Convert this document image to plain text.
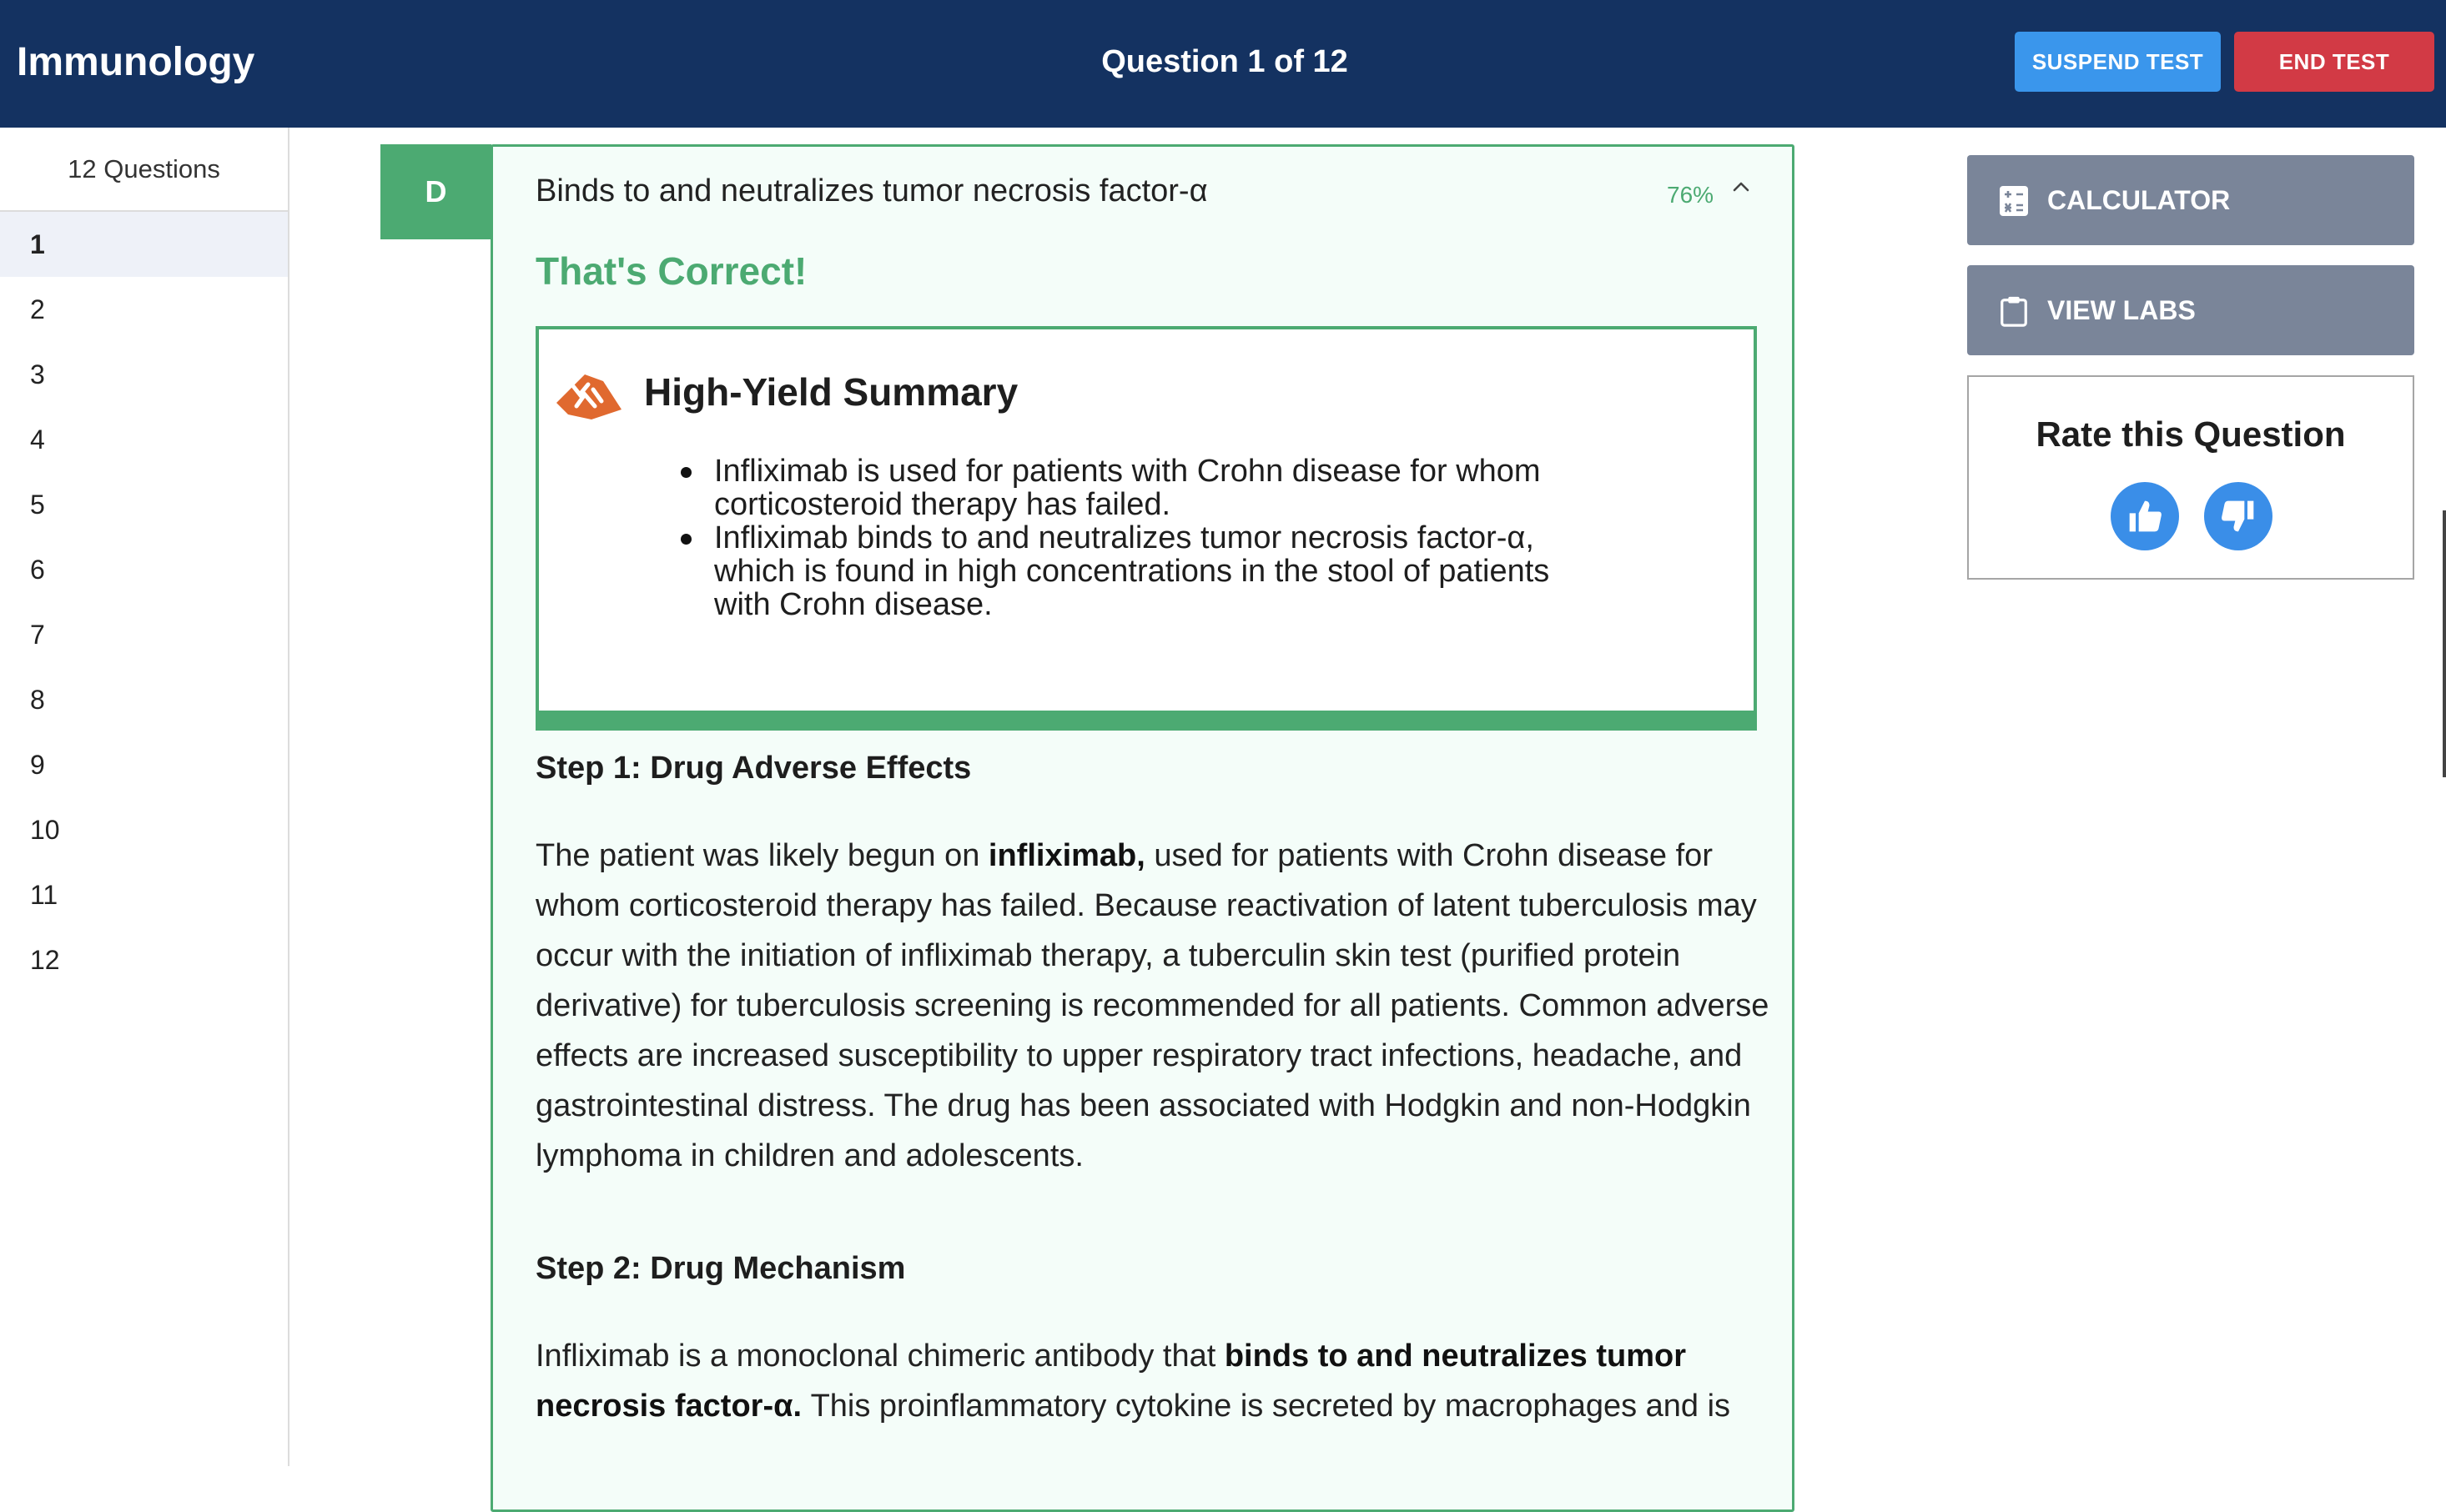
Immunology	Question 1 of 12	SUSPEND TEST	END TEST
12 Questions
1
2
3
4
5
6
7
8
9
10
11
12
D	Binds to and neutralizes tumor necrosis factor-α	76%
That's Correct!
High-Yield Summary
Infliximab is used for patients with Crohn disease for whom corticosteroid therapy has failed.
Infliximab binds to and neutralizes tumor necrosis factor-α, which is found in high concentrations in the stool of patients with Crohn disease.
Step 1: Drug Adverse Effects
The patient was likely begun on infliximab, used for patients with Crohn disease for whom corticosteroid therapy has failed. Because reactivation of latent tuberculosis may occur with the initiation of infliximab therapy, a tuberculin skin test (purified protein derivative) for tuberculosis screening is recommended for all patients. Common adverse effects are increased susceptibility to upper respiratory tract infections, headache, and gastrointestinal distress. The drug has been associated with Hodgkin and non-Hodgkin lymphoma in children and adolescents.
Step 2: Drug Mechanism
Infliximab is a monoclonal chimeric antibody that binds to and neutralizes tumor necrosis factor-α. This proinflammatory cytokine is secreted by macrophages and is
CALCULATOR
VIEW LABS
Rate this Question
